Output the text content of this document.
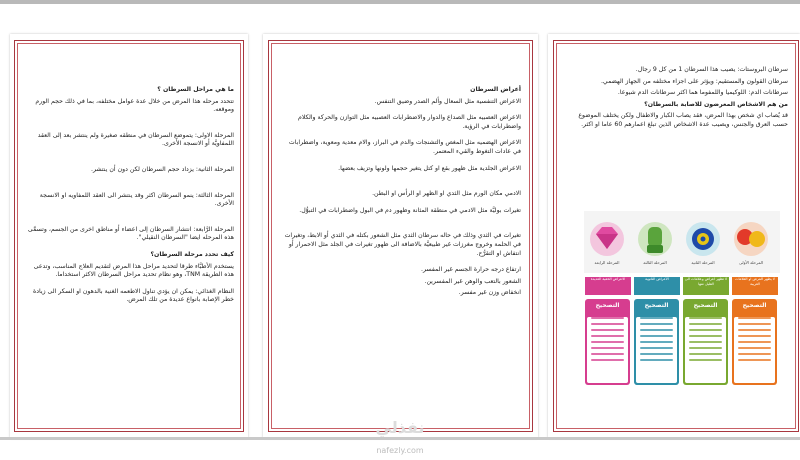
ما هي مراحل السرطان ؟

تتحدد مرحله هذا المرض من خلال عدة عوامل مختلفه، بما في ذلك حجم الورم وموقعه.

المرحلة الاولى: يتموضع السرطان في منطقه صغيرة ولم ينتشر بعد إلى العقد اللمفاويَّة أو الانسجة الأخرى.

المرحلة الثانية: يزداد حجم السرطان لكن دون أن ينتشر.

المرحلة الثالثة: ينمو السرطان اكثر وقد ينتشر الى العقد اللمفاويه او الانسجة الأخرى.

المرحلة الرَّابعة: انتشار السرطان إلى اعضاء أو مناطق اخرى من الجسم، وتسمَّى هذه المرحله ايضا "السرطان النقيلي".

كيف تحدد مرحلة السرطان؟

يستخدم الأطبَّاء طرقا لتحديد مراحل هذا المرض لتقديم العلاج المناسب، وتدعى هذه الطريقة TNM، وهو نظام تحديد مراحل السرطان الاكثر استخداما.

النظام الغذائي: يمكن ان يؤدي تناول الاطعمه الغنية بالدهون او السكر الى زيادة خطر الإصابة بانواع عديدة من تلك المرض.

أعراض السرطان

الاعراض التنفسية مثل السعال وألم الصدر وضيق التنفس.

الاعراض العصبيه مثل الصداع والدوار والاضطرابات العصبيه مثل التوازن والحركة والكلام واضطرابات في الرؤية.

الاعراض الهضميه مثل المغص والتشنجات والدم في البراز، والام معدية ومعوية، واضطرابات في عادات التغوط والقيء المعتمر.

الاعراض الجلدية مثل ظهور بقع او كتل يتغير حجمها ولونها وتزيف بعضها.

الادمي مكان الورم مثل الثدي او الظهر او الرأس او البطن.

تغيرات بوليَّة مثل الادمي في منطقة المثانة وظهور دم في البول واضطرابات في التبوُّل.

تغيرات في الثدي وذلك في حاله سرطان الثدي مثل الشعور بكتله في الثدي أو الابط، وتغيرات في الحلمة وخروج مغرزات غير طبيعيَّة بالاضافة الى ظهور تغيرات في الجلد مثل الاحمرار أو انتفاش او التقرُّح.

ارتفاع درجه حرارة الجسم غير المفسر.

الشعور بالتعب والوهن غير المفسرين.

انخفاض وزن غير مفسر.

سرطان البروستات: يصيب هذا السرطان 1 من كل 9 رجال.

سرطان القولون والمستقيم: ويؤثر على اجزاء مختلفه من الجهاز الهضمي.

سرطانات الدم: اللوكيميا واللمفوما هما اكثر سرطانات الدم شيوعا.

من هم الاشخاص المعرضون للاصابة بالسرطان؟

قد يُصاب اي شخص بهذا المرض، فقد يصاب الكبار والاطفال ولكن يختلف الموضوع حسب العرق والجنس، ويصيب عدة الاشخاص الذين تبلغ اعمارهم 60 عاما او اكثر.

المرحلة الرابعة	المرحلة الثالثة	المرحلة الثانية	المرحلة الأولى
الاعراض الخفية العديدة	الأعراض الثانوية	لا تظهر اعراض وعلامات الى القليل منها
لا يظهر المرض او العلامات الغريبة
التصحيح	التصحيح	التصحيح	التصحيح
نفذلي
nafezly.com
